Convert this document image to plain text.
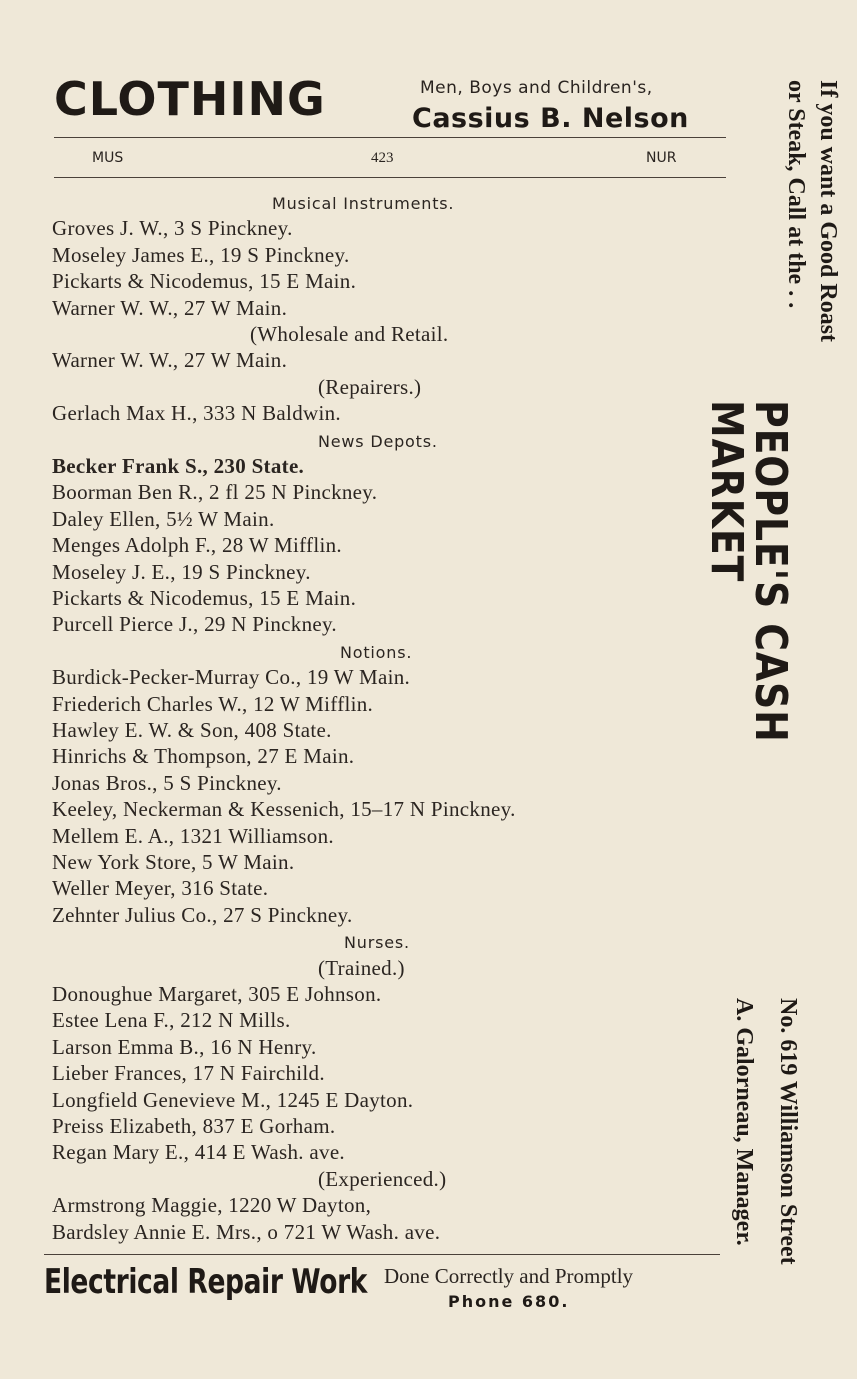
CLOTHING	Men, Boys and Children's,
Cassius B. Nelson
MUS	423	NUR
Musical Instruments.
Groves J. W., 3 S Pinckney.
Moseley James E., 19 S Pinckney.
Pickarts & Nicodemus, 15 E Main.
Warner W. W., 27 W Main.
(Wholesale and Retail.
Warner W. W., 27 W Main.
(Repairers.)
Gerlach Max H., 333 N Baldwin.
News Depots.
Becker Frank S., 230 State.
Boorman Ben R., 2 fl 25 N Pinckney.
Daley Ellen, 5½ W Main.
Menges Adolph F., 28 W Mifflin.
Moseley J. E., 19 S Pinckney.
Pickarts & Nicodemus, 15 E Main.
Purcell Pierce J., 29 N Pinckney.
Notions.
Burdick-Pecker-Murray Co., 19 W Main.
Friederich Charles W., 12 W Mifflin.
Hawley E. W. & Son, 408 State.
Hinrichs & Thompson, 27 E Main.
Jonas Bros., 5 S Pinckney.
Keeley, Neckerman & Kessenich, 15–17 N Pinckney.
Mellem E. A., 1321 Williamson.
New York Store, 5 W Main.
Weller Meyer, 316 State.
Zehnter Julius Co., 27 S Pinckney.
Nurses.
(Trained.)
Donoughue Margaret, 305 E Johnson.
Estee Lena F., 212 N Mills.
Larson Emma B., 16 N Henry.
Lieber Frances, 17 N Fairchild.
Longfield Genevieve M., 1245 E Dayton.
Preiss Elizabeth, 837 E Gorham.
Regan Mary E., 414 E Wash. ave.
(Experienced.)
Armstrong Maggie, 1220 W Dayton,
Bardsley Annie E. Mrs., o 721 W Wash. ave.
Electrical Repair Work Done Correctly and Promptly
Phone 680.
If you want a Good Roast
or Steak, Call at the . .
PEOPLE'S CASH MARKET
No. 619 Williamson Street
A. Galorneau, Manager.
